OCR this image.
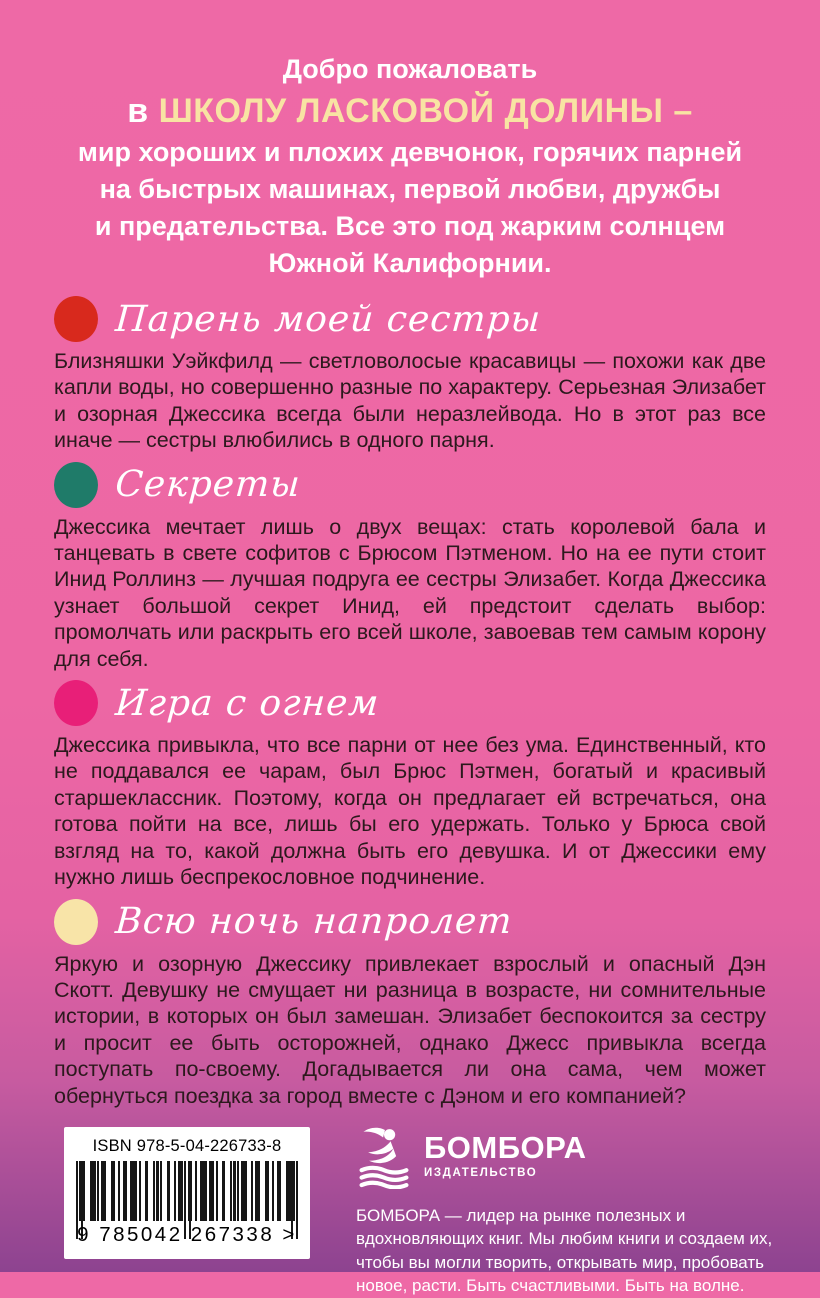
Добро пожаловать
в ШКОЛУ ЛАСКОВОЙ ДОЛИНЫ –
мир хороших и плохих девчонок, горячих парней
на быстрых машинах, первой любви, дружбы
и предательства. Все это под жарким солнцем
Южной Калифорнии.
Парень моей сестры

Близняшки Уэйкфилд — светловолосые красавицы — похожи как две капли воды, но совершенно разные по характеру. Серьезная Элизабет и озорная Джессика всегда были неразлейвода. Но в этот раз все иначе — сестры влюбились в одного парня.

Секреты

Джессика мечтает лишь о двух вещах: стать королевой бала и танцевать в свете софитов с Брюсом Пэтменом. Но на ее пути стоит Инид Роллинз — лучшая подруга ее сестры Элизабет. Когда Джессика узнает большой секрет Инид, ей предстоит сделать выбор: промолчать или раскрыть его всей школе, завоевав тем самым корону для себя.

Игра с огнем

Джессика привыкла, что все парни от нее без ума. Единственный, кто не поддавался ее чарам, был Брюс Пэтмен, богатый и красивый старшеклассник. Поэтому, когда он предлагает ей встречаться, она готова пойти на все, лишь бы его удержать. Только у Брюса свой взгляд на то, какой должна быть его девушка. И от Джессики ему нужно лишь беспрекословное подчинение.

Всю ночь напролет

Яркую и озорную Джессику привлекает взрослый и опасный Дэн Скотт. Девушку не смущает ни разница в возрасте, ни сомнительные истории, в которых он был замешан. Элизабет беспокоится за сестру и просит ее быть осторожней, однако Джесс привыкла всегда поступать по-своему. Догадывается ли она сама, чем может обернуться поездка за город вместе с Дэном и его компанией?

ISBN 978-5-04-226733-8
9 785042 267338 >
БОМБОРА
ИЗДАТЕЛЬСТВО

БОМБОРА — лидер на рынке полезных и вдохновляющих книг. Мы любим книги и создаем их, чтобы вы могли творить, открывать мир, пробовать новое, расти. Быть счастливыми. Быть на волне.
